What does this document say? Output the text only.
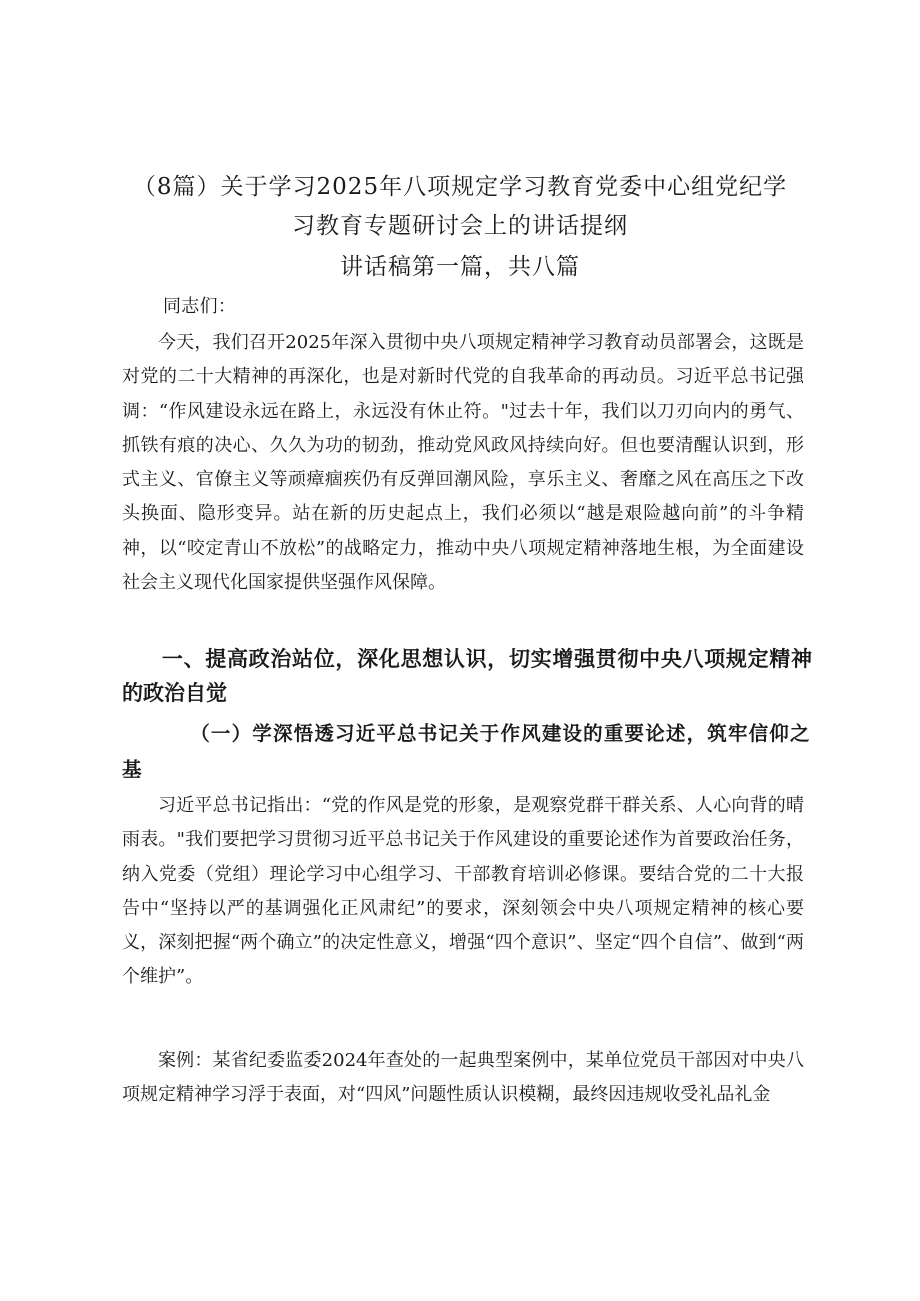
（8篇）关于学习2025年八项规定学习教育党委中心组党纪学
习教育专题研讨会上的讲话提纲
讲话稿第一篇，共八篇

同志们：

今天，我们召开2025年深入贯彻中央八项规定精神学习教育动员部署会，这既是对党的二十大精神的再深化，也是对新时代党的自我革命的再动员。习近平总书记强调：“作风建设永远在路上，永远没有休止符。"过去十年，我们以刀刃向内的勇气、抓铁有痕的决心、久久为功的韧劲，推动党风政风持续向好。但也要清醒认识到，形式主义、官僚主义等顽瘴痼疾仍有反弹回潮风险，享乐主义、奢靡之风在高压之下改头换面、隐形变异。站在新的历史起点上，我们必须以“越是艰险越向前”的斗争精神，以“咬定青山不放松”的战略定力，推动中央八项规定精神落地生根，为全面建设社会主义现代化国家提供坚强作风保障。

一、提高政治站位，深化思想认识，切实增强贯彻中央八项规定精神的政治自觉
（一）学深悟透习近平总书记关于作风建设的重要论述，筑牢信仰之基

习近平总书记指出：“党的作风是党的形象，是观察党群干群关系、人心向背的晴雨表。"我们要把学习贯彻习近平总书记关于作风建设的重要论述作为首要政治任务，纳入党委（党组）理论学习中心组学习、干部教育培训必修课。要结合党的二十大报告中“坚持以严的基调强化正风肃纪”的要求，深刻领会中央八项规定精神的核心要义，深刻把握“两个确立”的决定性意义，增强“四个意识”、坚定“四个自信”、做到“两个维护”。

案例：某省纪委监委2024年查处的一起典型案例中，某单位党员干部因对中央八项规定精神学习浮于表面，对“四风”问题性质认识模糊，最终因违规收受礼品礼金
